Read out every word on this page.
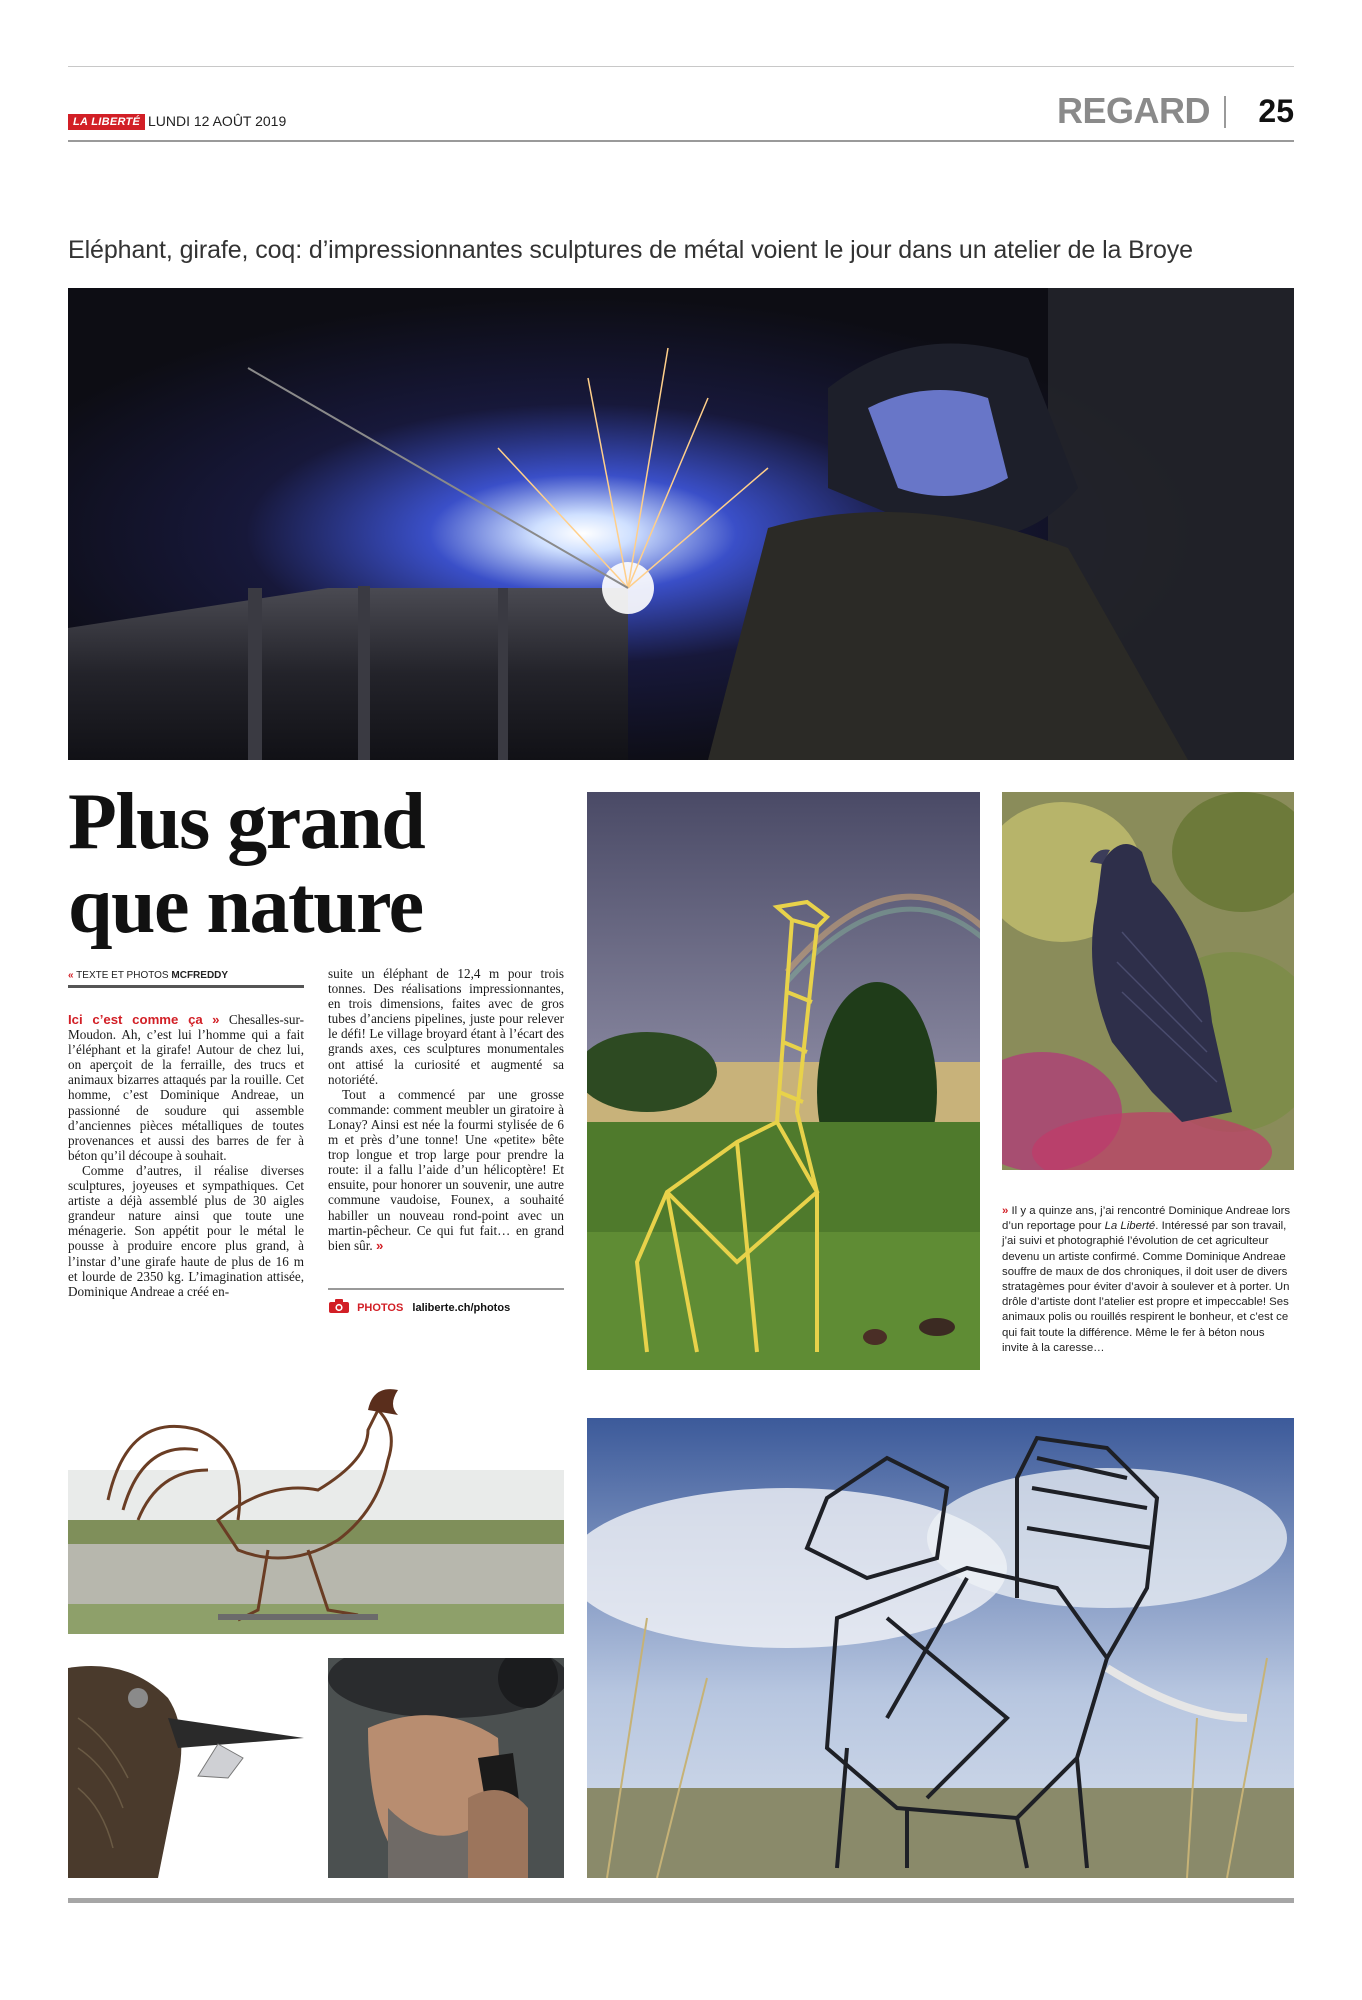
LA LIBERTÉ LUNDI 12 AOÛT 2019	REGARD	25
Eléphant, girafe, coq: d’impressionnantes sculptures de métal voient le jour dans un atelier de la Broye
Plus grand
que nature
« TEXTE ET PHOTOS MCFREDDY

Ici c’est comme ça » Chesalles-sur-Moudon. Ah, c’est lui l’homme qui a fait l’éléphant et la girafe! Autour de chez lui, on aperçoit de la ferraille, des trucs et animaux bizarres attaqués par la rouille. Cet homme, c’est Dominique Andreae, un passionné de soudure qui assemble d’anciennes pièces métalliques de toutes provenances et aussi des barres de fer à béton qu’il découpe à souhait.

Comme d’autres, il réalise diverses sculptures, joyeuses et sympathiques. Cet artiste a déjà assemblé plus de 30 aigles grandeur nature ainsi que toute une ménagerie. Son appétit pour le métal le pousse à produire encore plus grand, à l’instar d’une girafe haute de plus de 16 m et lourde de 2350 kg. L’imagination attisée, Dominique Andreae a créé en-

suite un éléphant de 12,4 m pour trois tonnes. Des réalisations impressionnantes, en trois dimensions, faites avec de gros tubes d’anciens pipelines, juste pour relever le défi! Le village broyard étant à l’écart des grands axes, ces sculptures monumentales ont attisé la curiosité et augmenté sa notoriété.

Tout a commencé par une grosse commande: comment meubler un giratoire à Lonay? Ainsi est née la fourmi stylisée de 6 m et près d’une tonne! Une «petite» bête trop longue et trop large pour prendre la route: il a fallu l’aide d’un hélicoptère! Et ensuite, pour honorer un souvenir, une autre commune vaudoise, Founex, a souhaité habiller un nouveau rond-point avec un martin-pêcheur. Ce qui fut fait… en grand bien sûr. »

PHOTOS laliberte.ch/photos
» Il y a quinze ans, j’ai rencontré Dominique Andreae lors d’un reportage pour La Liberté. Intéressé par son travail, j’ai suivi et photographié l’évolution de cet agriculteur devenu un artiste confirmé. Comme Dominique Andreae souffre de maux de dos chroniques, il doit user de divers stratagèmes pour éviter d’avoir à soulever et à porter. Un drôle d’artiste dont l’atelier est propre et impeccable! Ses animaux polis ou rouillés respirent le bonheur, et c’est ce qui fait toute la différence. Même le fer à béton nous invite à la caresse…
